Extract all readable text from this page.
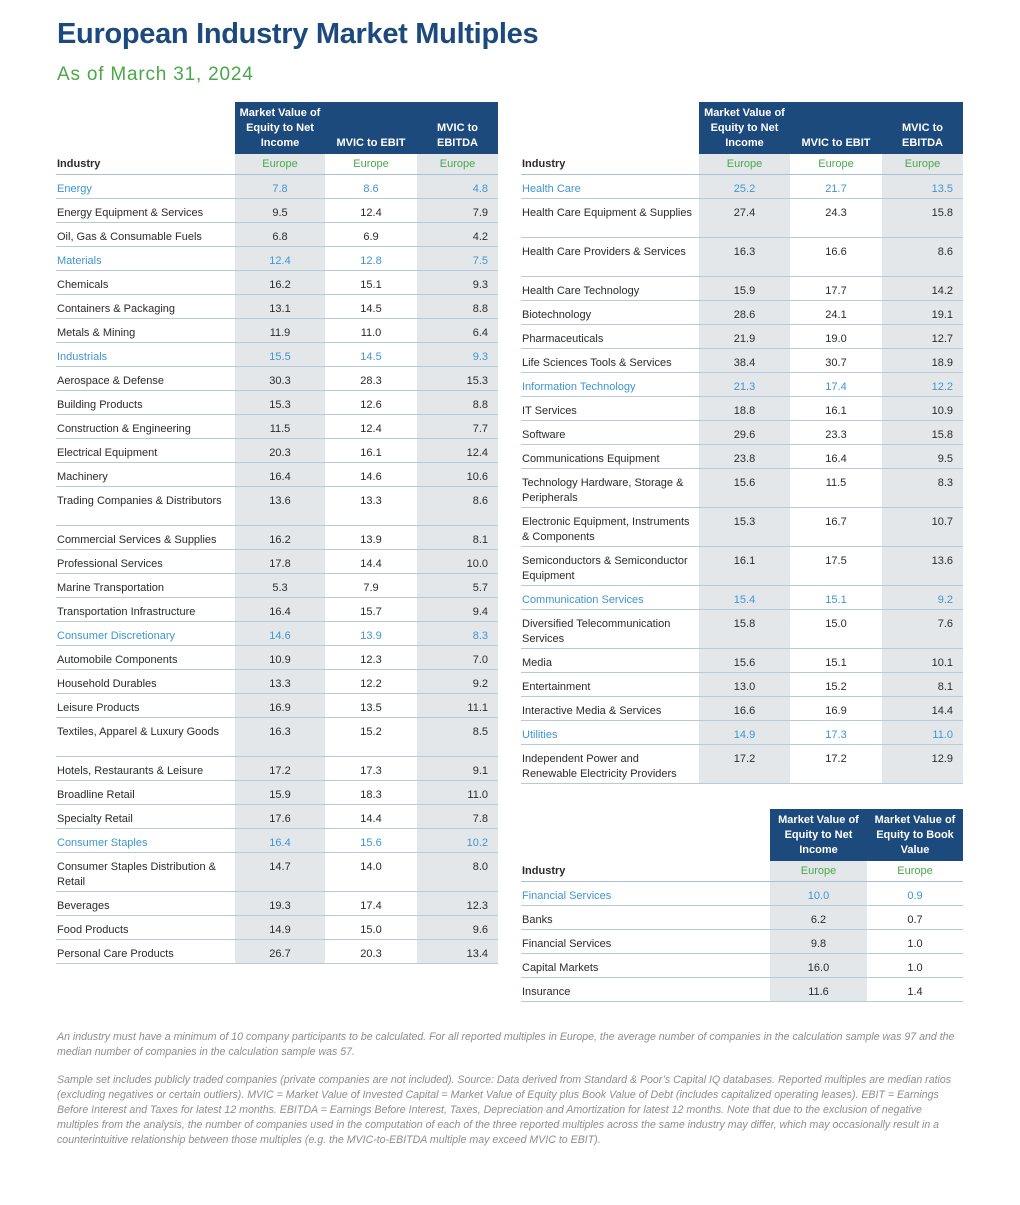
European Industry Market Multiples

As of March 31, 2024

	Market Value of Equity to Net Income	MVIC to EBIT	MVIC to EBITDA
Industry	Europe	Europe	Europe
Energy	7.8	8.6	4.8
Energy Equipment & Services	9.5	12.4	7.9
Oil, Gas & Consumable Fuels	6.8	6.9	4.2
Materials	12.4	12.8	7.5
Chemicals	16.2	15.1	9.3
Containers & Packaging	13.1	14.5	8.8
Metals & Mining	11.9	11.0	6.4
Industrials	15.5	14.5	9.3
Aerospace & Defense	30.3	28.3	15.3
Building Products	15.3	12.6	8.8
Construction & Engineering	11.5	12.4	7.7
Electrical Equipment	20.3	16.1	12.4
Machinery	16.4	14.6	10.6
Trading Companies & Distributors	13.6	13.3	8.6
Commercial Services & Supplies	16.2	13.9	8.1
Professional Services	17.8	14.4	10.0
Marine Transportation	5.3	7.9	5.7
Transportation Infrastructure	16.4	15.7	9.4
Consumer Discretionary	14.6	13.9	8.3
Automobile Components	10.9	12.3	7.0
Household Durables	13.3	12.2	9.2
Leisure Products	16.9	13.5	11.1
Textiles, Apparel & Luxury Goods	16.3	15.2	8.5
Hotels, Restaurants & Leisure	17.2	17.3	9.1
Broadline Retail	15.9	18.3	11.0
Specialty Retail	17.6	14.4	7.8
Consumer Staples	16.4	15.6	10.2
Consumer Staples Distribution & Retail	14.7	14.0	8.0
Beverages	19.3	17.4	12.3
Food Products	14.9	15.0	9.6
Personal Care Products	26.7	20.3	13.4
	Market Value of Equity to Net Income	MVIC to EBIT	MVIC to EBITDA
Industry	Europe	Europe	Europe
Health Care	25.2	21.7	13.5
Health Care Equipment & Supplies	27.4	24.3	15.8
Health Care Providers & Services	16.3	16.6	8.6
Health Care Technology	15.9	17.7	14.2
Biotechnology	28.6	24.1	19.1
Pharmaceuticals	21.9	19.0	12.7
Life Sciences Tools & Services	38.4	30.7	18.9
Information Technology	21.3	17.4	12.2
IT Services	18.8	16.1	10.9
Software	29.6	23.3	15.8
Communications Equipment	23.8	16.4	9.5
Technology Hardware, Storage & Peripherals	15.6	11.5	8.3
Electronic Equipment, Instruments & Components	15.3	16.7	10.7
Semiconductors & Semiconductor Equipment	16.1	17.5	13.6
Communication Services	15.4	15.1	9.2
Diversified Telecommunication Services	15.8	15.0	7.6
Media	15.6	15.1	10.1
Entertainment	13.0	15.2	8.1
Interactive Media & Services	16.6	16.9	14.4
Utilities	14.9	17.3	11.0
Independent Power and Renewable Electricity Providers	17.2	17.2	12.9
	Market Value of Equity to Net Income	Market Value of Equity to Book Value
Industry	Europe	Europe
Financial Services	10.0	0.9
Banks	6.2	0.7
Financial Services	9.8	1.0
Capital Markets	16.0	1.0
Insurance	11.6	1.4

An industry must have a minimum of 10 company participants to be calculated. For all reported multiples in Europe, the average number of companies in the calculation sample was 97 and the median number of companies in the calculation sample was 57.

Sample set includes publicly traded companies (private companies are not included). Source: Data derived from Standard & Poor’s Capital IQ databases. Reported multiples are median ratios (excluding negatives or certain outliers). MVIC = Market Value of Invested Capital = Market Value of Equity plus Book Value of Debt (includes capitalized operating leases). EBIT = Earnings Before Interest and Taxes for latest 12 months. EBITDA = Earnings Before Interest, Taxes, Depreciation and Amortization for latest 12 months. Note that due to the exclusion of negative multiples from the analysis, the number of companies used in the computation of each of the three reported multiples across the same industry may differ, which may occasionally result in a counterintuitive relationship between those multiples (e.g. the MVIC-to-EBITDA multiple may exceed MVIC to EBIT).
